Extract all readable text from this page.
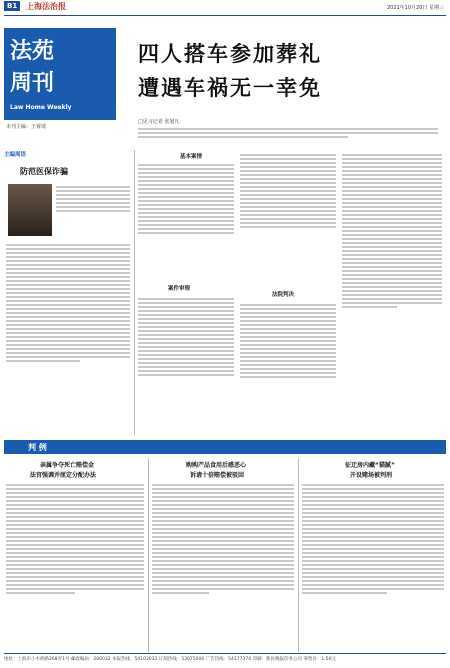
B1	上海法治报	2021年10月20日 星期三
法苑
周刊
Law Home Weekly
本刊主编：王睿琦
四人搭车参加葬礼
遭遇车祸无一幸免
□见习记者 张旭凡
主编周语
防范医保诈骗
基本案情
案件审理
法院判决
判 例
亲属争夺死亡赔偿金
法官强调并厘定分配办法
购购产品食用后感恶心
诉请十倍赔偿被驳回
征迁房内藏“猫腻”
开设赌场被判刑
地址：上海市小木桥路268弄1号 邮政编码：200032 本报热线：54103032 订阅热线：53075000 广告热线：54177374 印刷：新民晚报印务公司 零售价：1.50元
